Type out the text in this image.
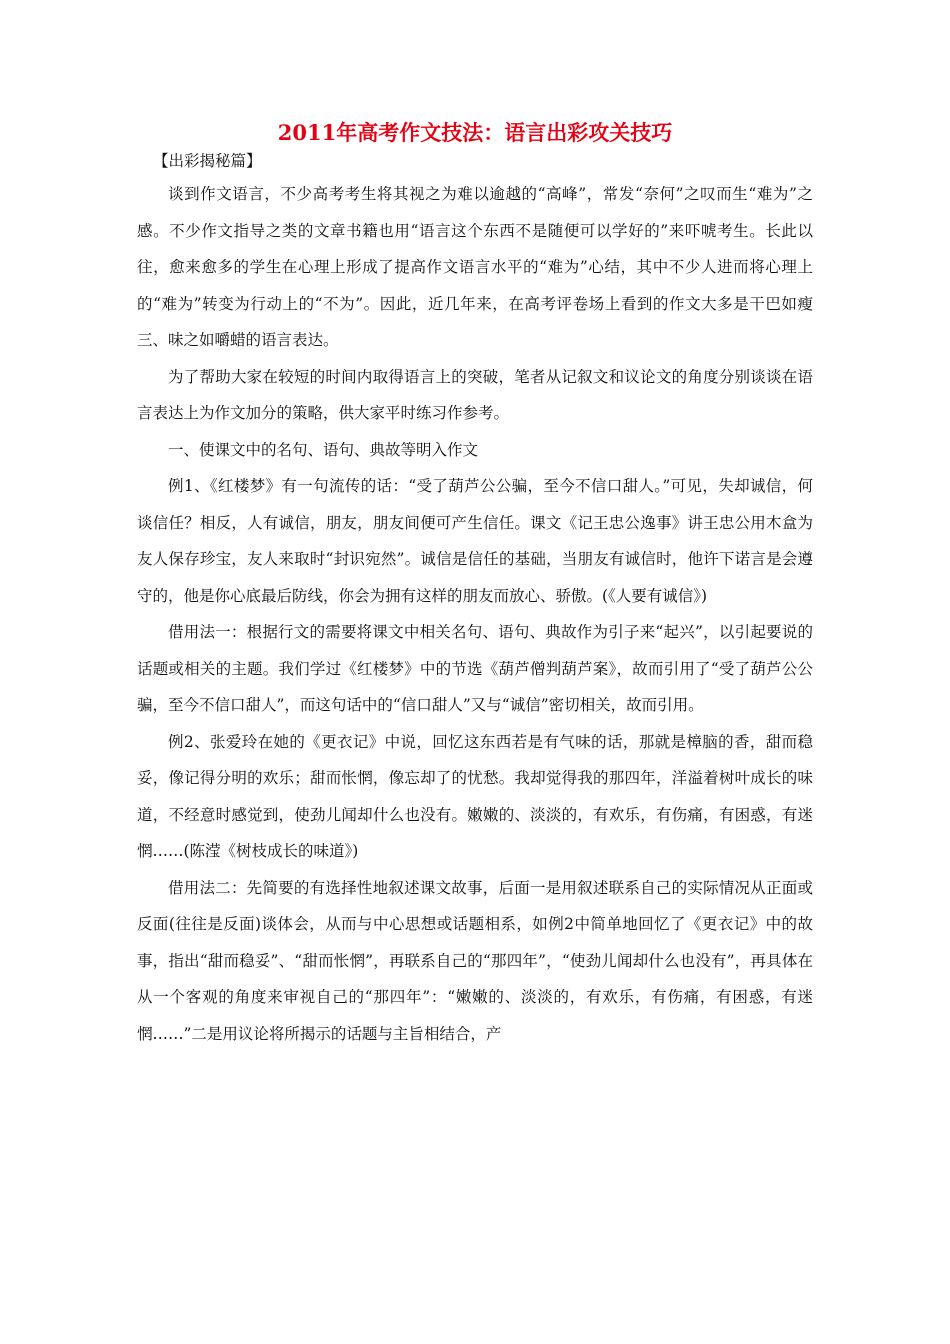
2011年高考作文技法：语言出彩攻关技巧
【出彩揭秘篇】

谈到作文语言，不少高考考生将其视之为难以逾越的“高峰”，常发“奈何”之叹而生“难为”之感。不少作文指导之类的文章书籍也用“语言这个东西不是随便可以学好的”来吓唬考生。长此以往，愈来愈多的学生在心理上形成了提高作文语言水平的“难为”心结，其中不少人进而将心理上的“难为”转变为行动上的“不为”。因此，近几年来，在高考评卷场上看到的作文大多是干巴如瘦三、味之如嚼蜡的语言表达。

为了帮助大家在较短的时间内取得语言上的突破，笔者从记叙文和议论文的角度分别谈谈在语言表达上为作文加分的策略，供大家平时练习作参考。

一、使课文中的名句、语句、典故等明入作文

例1、《红楼梦》有一句流传的话：“受了葫芦公公骗，至今不信口甜人。”可见，失却诚信，何谈信任？相反，人有诚信，朋友，朋友间便可产生信任。课文《记王忠公逸事》讲王忠公用木盒为友人保存珍宝，友人来取时“封识宛然”。诚信是信任的基础，当朋友有诚信时，他许下诺言是会遵守的，他是你心底最后防线，你会为拥有这样的朋友而放心、骄傲。(《人要有诚信》)

借用法一：根据行文的需要将课文中相关名句、语句、典故作为引子来“起兴”，以引起要说的话题或相关的主题。我们学过《红楼梦》中的节选《葫芦僧判葫芦案》，故而引用了“受了葫芦公公骗，至今不信口甜人”，而这句话中的“信口甜人”又与“诚信”密切相关，故而引用。

例2、张爱玲在她的《更衣记》中说，回忆这东西若是有气味的话，那就是樟脑的香，甜而稳妥，像记得分明的欢乐；甜而怅惘，像忘却了的忧愁。我却觉得我的那四年，洋溢着树叶成长的味道，不经意时感觉到，使劲儿闻却什么也没有。嫩嫩的、淡淡的，有欢乐，有伤痛，有困惑，有迷惘……(陈滢《树枝成长的味道》)

借用法二：先简要的有选择性地叙述课文故事，后面一是用叙述联系自己的实际情况从正面或反面(往往是反面)谈体会，从而与中心思想或话题相系，如例2中简单地回忆了《更衣记》中的故事，指出“甜而稳妥”、“甜而怅惘”，再联系自己的“那四年”，“使劲儿闻却什么也没有”，再具体在从一个客观的角度来审视自己的“那四年”：“嫩嫩的、淡淡的，有欢乐，有伤痛，有困惑，有迷惘……”二是用议论将所揭示的话题与主旨相结合，产
